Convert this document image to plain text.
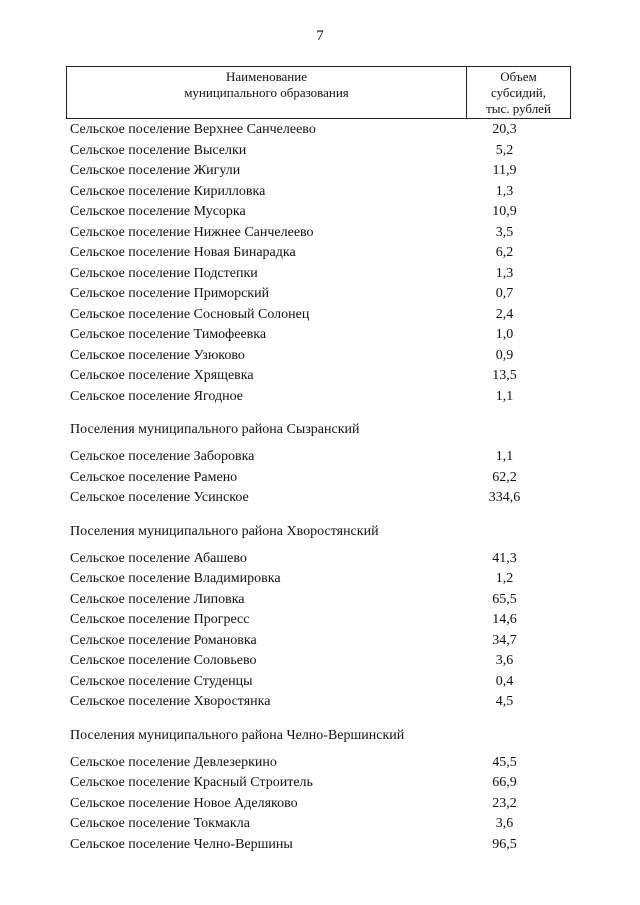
7
Наименование
муниципального образования
Объем
субсидий,
тыс. рублей
Сельское поселение Верхнее Санчелеево	20,3
Сельское поселение Выселки	5,2
Сельское поселение Жигули	11,9
Сельское поселение Кирилловка	1,3
Сельское поселение Мусорка	10,9
Сельское поселение Нижнее Санчелеево	3,5
Сельское поселение Новая Бинарадка	6,2
Сельское поселение Подстепки	1,3
Сельское поселение Приморский	0,7
Сельское поселение Сосновый Солонец	2,4
Сельское поселение Тимофеевка	1,0
Сельское поселение Узюково	0,9
Сельское поселение Хрящевка	13,5
Сельское поселение Ягодное	1,1
Поселения муниципального района Сызранский
Сельское поселение Заборовка	1,1
Сельское поселение Рамено	62,2
Сельское поселение Усинское	334,6
Поселения муниципального района Хворостянский
Сельское поселение Абашево	41,3
Сельское поселение Владимировка	1,2
Сельское поселение Липовка	65,5
Сельское поселение Прогресс	14,6
Сельское поселение Романовка	34,7
Сельское поселение Соловьево	3,6
Сельское поселение Студенцы	0,4
Сельское поселение Хворостянка	4,5
Поселения муниципального района Челно-Вершинский
Сельское поселение Девлезеркино	45,5
Сельское поселение Красный Строитель	66,9
Сельское поселение Новое Аделяково	23,2
Сельское поселение Токмакла	3,6
Сельское поселение Челно-Вершины	96,5
